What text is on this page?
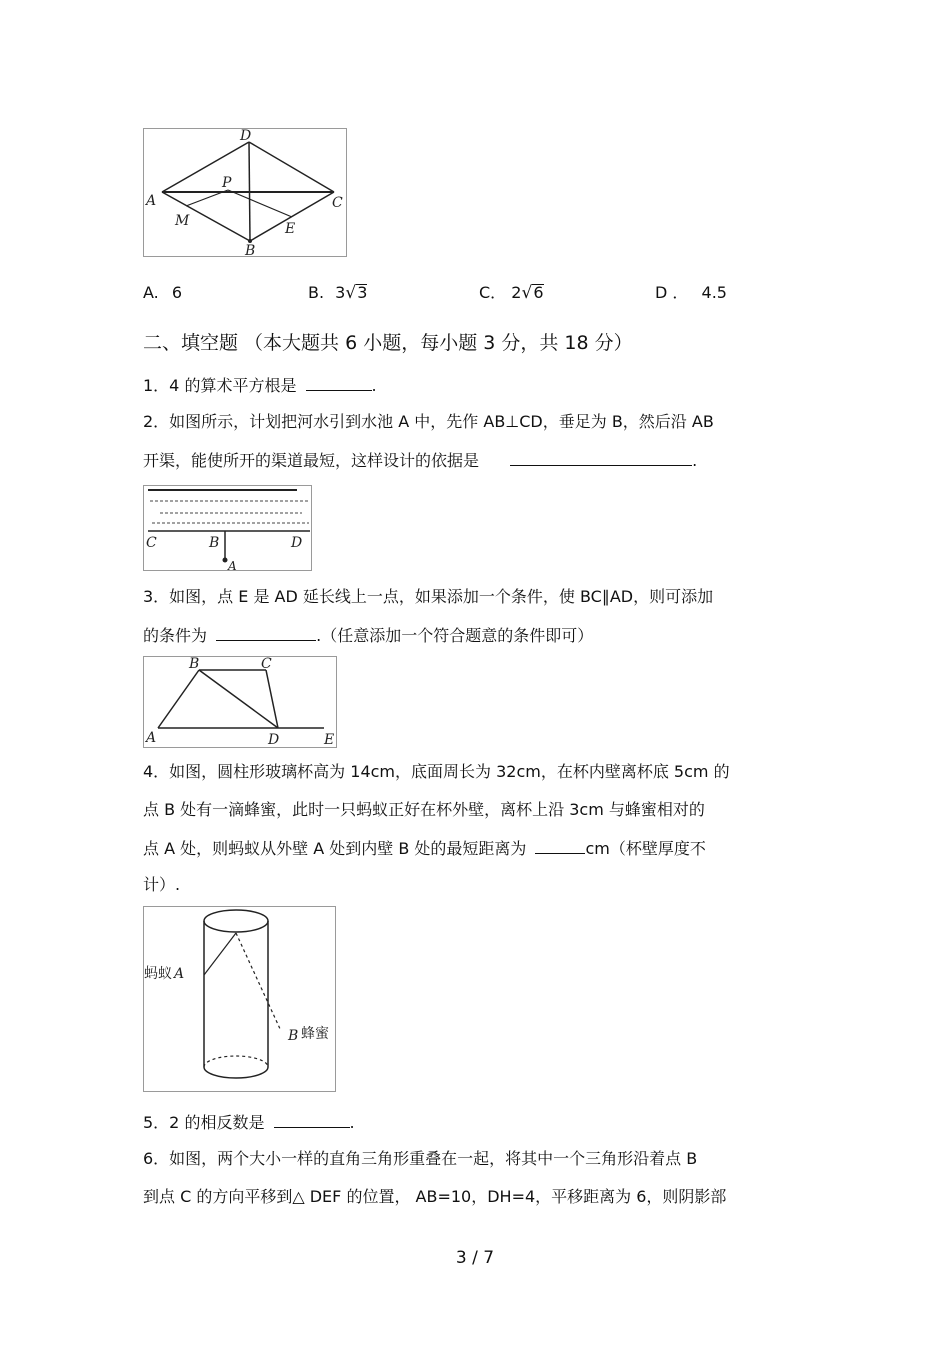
D
A
P
C
M	E
B
A. 6	B. 3√3	C． 2√6	D ． 4.5
二、填空题 （本大题共 6 小题，每小题 3 分，共 18 分）
1．4 的算术平方根是	.
2．如图所示，计划把河水引到水池 A 中，先作 AB⊥CD，垂足为 B，然后沿 AB
开渠，能使所开的渠道最短，这样设计的依据是	.
C	B	D
A
3．如图，点 E 是 AD 延长线上一点，如果添加一个条件，使 BC∥AD，则可添加
的条件为	.（任意添加一个符合题意的条件即可）
B	C
A	D	E
4．如图，圆柱形玻璃杯高为 14cm，底面周长为 32cm，在杯内壁离杯底 5cm 的
点 B 处有一滴蜂蜜，此时一只蚂蚁正好在杯外壁，离杯上沿 3cm 与蜂蜜相对的
点 A 处，则蚂蚁从外壁 A 处到内壁 B 处的最短距离为	cm（杯壁厚度不
计）.
蚂蚁 A
B 蜂蜜
5．2 的相反数是	.
6．如图，两个大小一样的直角三角形重叠在一起，将其中一个三角形沿着点 B
到点 C 的方向平移到△ DEF 的位置， AB=10，DH=4，平移距离为 6，则阴影部
3 / 7
